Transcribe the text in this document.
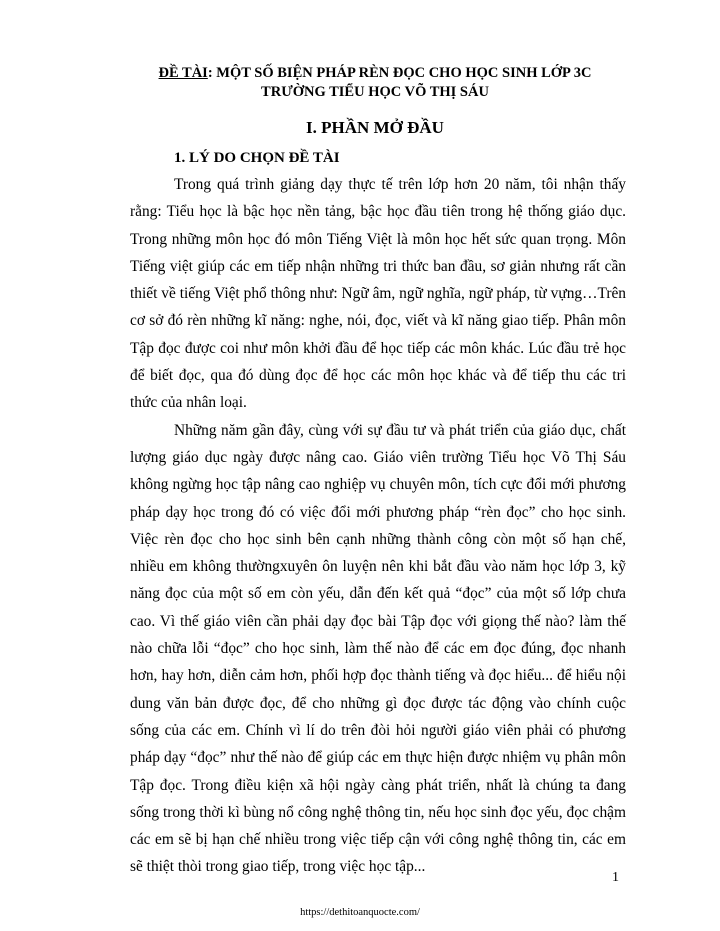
ĐỀ TÀI: MỘT SỐ BIỆN PHÁP RÈN ĐỌC CHO HỌC SINH LỚP 3C
TRƯỜNG TIỂU HỌC VÕ THỊ SÁU
I. PHẦN MỞ ĐẦU
1. LÝ DO CHỌN ĐỀ TÀI

Trong quá trình giảng dạy thực tế trên lớp hơn 20 năm, tôi nhận thấy rằng: Tiểu học là bậc học nền tảng, bậc học đầu tiên trong hệ thống giáo dục. Trong những môn học đó môn Tiếng Việt là môn học hết sức quan trọng. Môn Tiếng việt giúp các em tiếp nhận những tri thức ban đầu, sơ giản nhưng rất cần thiết về tiếng Việt phổ thông như: Ngữ âm, ngữ nghĩa, ngữ pháp, từ vựng…Trên cơ sở đó rèn những kĩ năng: nghe, nói, đọc, viết và kĩ năng giao tiếp. Phân môn Tập đọc được coi như môn khởi đầu để học tiếp các môn khác. Lúc đầu trẻ học để biết đọc, qua đó dùng đọc để học các môn học khác và để tiếp thu các tri thức của nhân loại.

Những năm gần đây, cùng với sự đầu tư và phát triển của giáo dục, chất lượng giáo dục ngày được nâng cao. Giáo viên trường Tiểu học Võ Thị Sáu không ngừng học tập nâng cao nghiệp vụ chuyên môn, tích cực đổi mới phương pháp dạy học trong đó có việc đổi mới phương pháp “rèn đọc” cho học sinh. Việc rèn đọc cho học sinh bên cạnh những thành công còn một số hạn chế, nhiều em không thườngxuyên ôn luyện nên khi bắt đầu vào năm học lớp 3, kỹ năng đọc của một số em còn yếu, dẫn đến kết quả “đọc” của một số lớp chưa cao. Vì thế giáo viên cần phải dạy đọc bài Tập đọc với giọng thế nào? làm thế nào chữa lỗi “đọc” cho học sinh, làm thế nào để các em đọc đúng, đọc nhanh hơn, hay hơn, diễn cảm hơn, phối hợp đọc thành tiếng và đọc hiểu... để hiểu nội dung văn bản được đọc, để cho những gì đọc được tác động vào chính cuộc sống của các em. Chính vì lí do trên đòi hỏi người giáo viên phải có phương pháp dạy “đọc” như thế nào để giúp các em thực hiện được nhiệm vụ phân môn Tập đọc. Trong điều kiện xã hội ngày càng phát triển, nhất là chúng ta đang sống trong thời kì bùng nổ công nghệ thông tin, nếu học sinh đọc yếu, đọc chậm các em sẽ bị hạn chế nhiều trong việc tiếp cận với công nghệ thông tin, các em sẽ thiệt thòi trong giao tiếp, trong việc học tập...

1
https://dethitoanquocte.com/
